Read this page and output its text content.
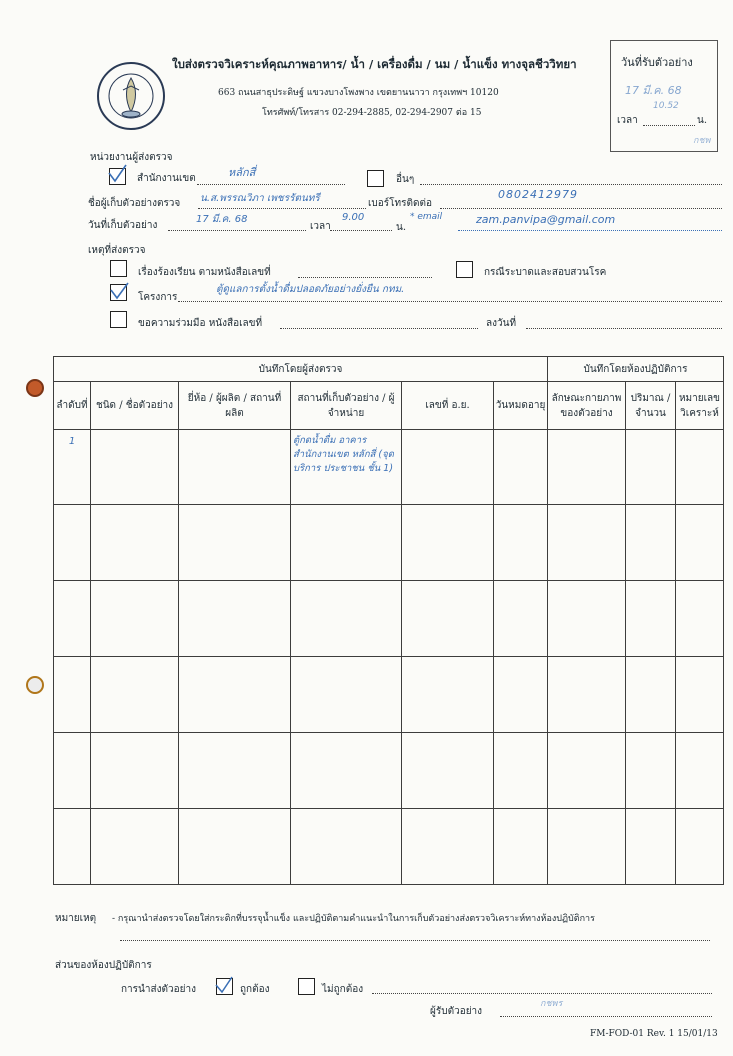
ใบส่งตรวจวิเคราะห์คุณภาพอาหาร/ น้ำ / เครื่องดื่ม / นม / น้ำแข็ง ทางจุลชีววิทยา
663 ถนนสาธุประดิษฐ์ แขวงบางโพงพาง เขตยานนาวา กรุงเทพฯ 10120
โทรศัพท์/โทรสาร 02-294-2885, 02-294-2907 ต่อ 15
วันที่รับตัวอย่าง
17 มี.ค. 68
เวลา
10.52
น.
กชพ
หน่วยงานผู้ส่งตรวจ
สำนักงานเขต	หลักสี่
อื่นๆ
ชื่อผู้เก็บตัวอย่างตรวจ น.ส.พรรณวิภา เพชรรัตนทรี	เบอร์โทรติดต่อ
0802412979
วันที่เก็บตัวอย่าง
17 มี.ค. 68
เวลา
9.00
น.
* email	zam.panvipa@gmail.com
เหตุที่ส่งตรวจ
เรื่องร้องเรียน ตามหนังสือเลขที่	กรณีระบาดและสอบสวนโรค
โครงการ
ตู้ดูแลการตั้งน้ำดื่มปลอดภัยอย่างยั่งยืน กทม.
ขอความร่วมมือ หนังสือเลขที่	ลงวันที่
บันทึกโดยผู้ส่งตรวจ						บันทึกโดยห้องปฏิบัติการ		
ลำดับที่	ชนิด / ชื่อตัวอย่าง	ยี่ห้อ / ผู้ผลิต / สถานที่ผลิต	สถานที่เก็บตัวอย่าง / ผู้จำหน่าย	เลขที่ อ.ย.	วันหมดอายุ	ลักษณะกายภาพ ของตัวอย่าง	ปริมาณ / จำนวน	หมายเลข วิเคราะห์
1			ตู้กดน้ำดื่ม อาคารสำนักงานเขต หลักสี่ (จุดบริการ ประชาชน ชั้น 1)					

หมายเหตุ - กรุณานำส่งตรวจโดยใส่กระติกที่บรรจุน้ำแข็ง และปฏิบัติตามคำแนะนำในการเก็บตัวอย่างส่งตรวจวิเคราะห์ทางห้องปฏิบัติการ
ส่วนของห้องปฏิบัติการ
การนำส่งตัวอย่าง	ถูกต้อง	ไม่ถูกต้อง
ผู้รับตัวอย่าง
กชพร
FM-FOD-01 Rev. 1 15/01/13
